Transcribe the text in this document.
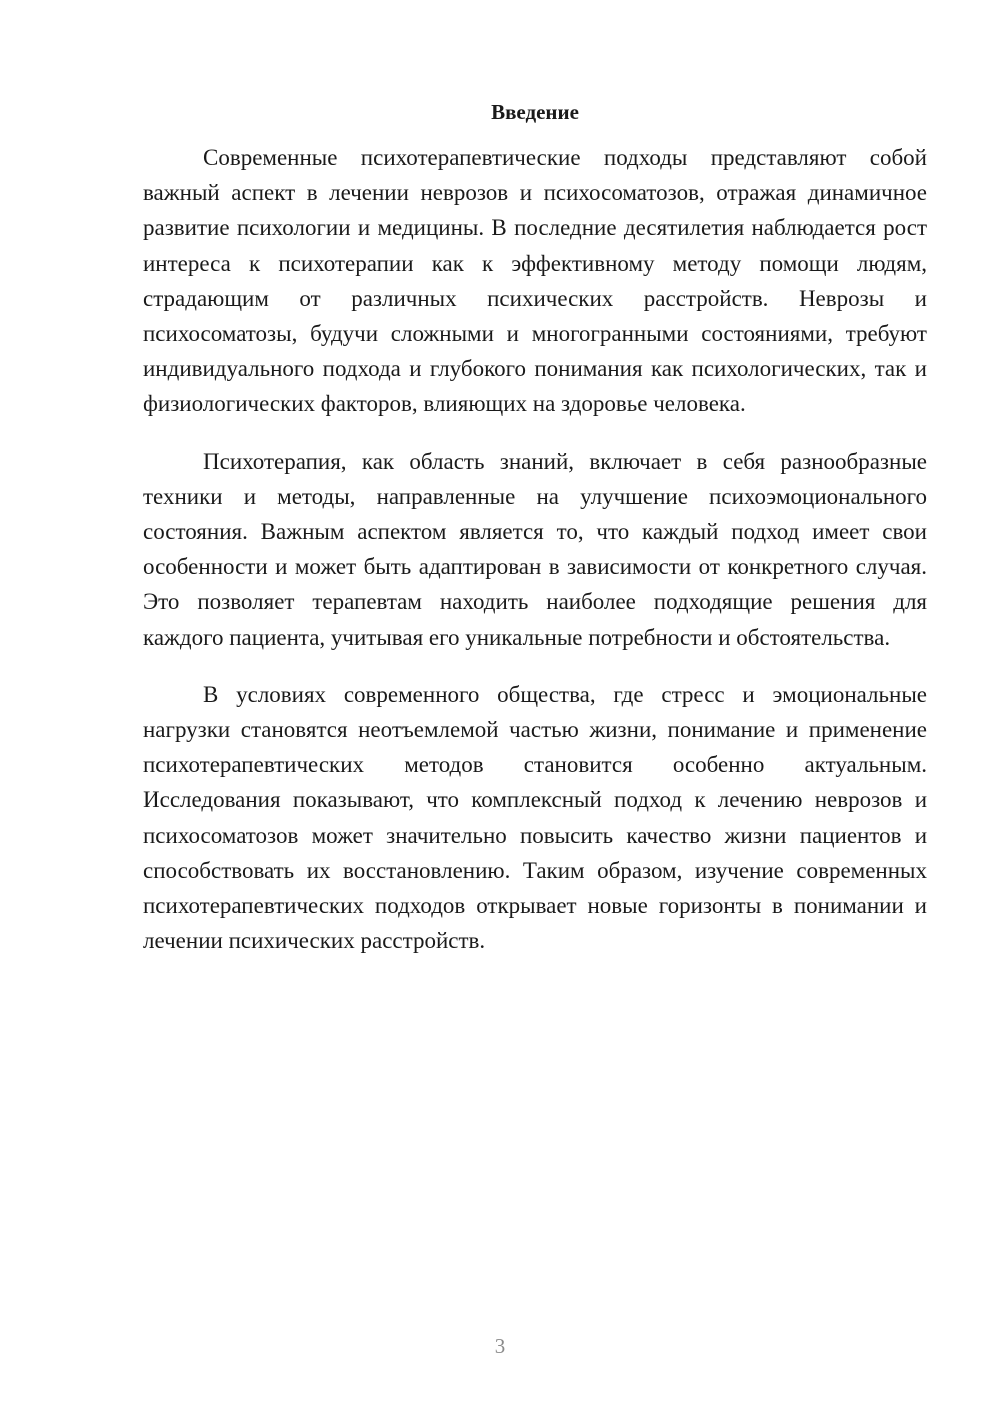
Введение

Современные психотерапевтические подходы представляют собой важный аспект в лечении неврозов и психосоматозов, отражая динамичное развитие психологии и медицины. В последние десятилетия наблюдается рост интереса к психотерапии как к эффективному методу помощи людям, страдающим от различных психических расстройств. Неврозы и психосоматозы, будучи сложными и многогранными состояниями, требуют индивидуального подхода и глубокого понимания как психологических, так и физиологических факторов, влияющих на здоровье человека.

Психотерапия, как область знаний, включает в себя разнообразные техники и методы, направленные на улучшение психоэмоционального состояния. Важным аспектом является то, что каждый подход имеет свои особенности и может быть адаптирован в зависимости от конкретного случая. Это позволяет терапевтам находить наиболее подходящие решения для каждого пациента, учитывая его уникальные потребности и обстоятельства.

В условиях современного общества, где стресс и эмоциональные нагрузки становятся неотъемлемой частью жизни, понимание и применение психотерапевтических методов становится особенно актуальным. Исследования показывают, что комплексный подход к лечению неврозов и психосоматозов может значительно повысить качество жизни пациентов и способствовать их восстановлению. Таким образом, изучение современных психотерапевтических подходов открывает новые горизонты в понимании и лечении психических расстройств.

3
